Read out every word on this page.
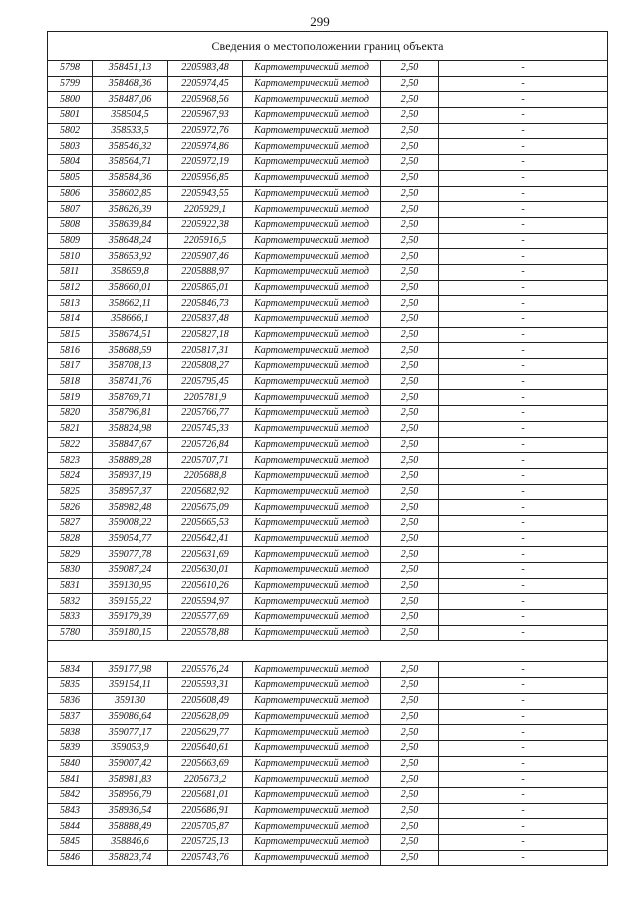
299
Сведения о местоположении границ объекта					
5798	358451,13	2205983,48	Картометрический метод	2,50	-
5799	358468,36	2205974,45	Картометрический метод	2,50	-
5800	358487,06	2205968,56	Картометрический метод	2,50	-
5801	358504,5	2205967,93	Картометрический метод	2,50	-
5802	358533,5	2205972,76	Картометрический метод	2,50	-
5803	358546,32	2205974,86	Картометрический метод	2,50	-
5804	358564,71	2205972,19	Картометрический метод	2,50	-
5805	358584,36	2205956,85	Картометрический метод	2,50	-
5806	358602,85	2205943,55	Картометрический метод	2,50	-
5807	358626,39	2205929,1	Картометрический метод	2,50	-
5808	358639,84	2205922,38	Картометрический метод	2,50	-
5809	358648,24	2205916,5	Картометрический метод	2,50	-
5810	358653,92	2205907,46	Картометрический метод	2,50	-
5811	358659,8	2205888,97	Картометрический метод	2,50	-
5812	358660,01	2205865,01	Картометрический метод	2,50	-
5813	358662,11	2205846,73	Картометрический метод	2,50	-
5814	358666,1	2205837,48	Картометрический метод	2,50	-
5815	358674,51	2205827,18	Картометрический метод	2,50	-
5816	358688,59	2205817,31	Картометрический метод	2,50	-
5817	358708,13	2205808,27	Картометрический метод	2,50	-
5818	358741,76	2205795,45	Картометрический метод	2,50	-
5819	358769,71	2205781,9	Картометрический метод	2,50	-
5820	358796,81	2205766,77	Картометрический метод	2,50	-
5821	358824,98	2205745,33	Картометрический метод	2,50	-
5822	358847,67	2205726,84	Картометрический метод	2,50	-
5823	358889,28	2205707,71	Картометрический метод	2,50	-
5824	358937,19	2205688,8	Картометрический метод	2,50	-
5825	358957,37	2205682,92	Картометрический метод	2,50	-
5826	358982,48	2205675,09	Картометрический метод	2,50	-
5827	359008,22	2205665,53	Картометрический метод	2,50	-
5828	359054,77	2205642,41	Картометрический метод	2,50	-
5829	359077,78	2205631,69	Картометрический метод	2,50	-
5830	359087,24	2205630,01	Картометрический метод	2,50	-
5831	359130,95	2205610,26	Картометрический метод	2,50	-
5832	359155,22	2205594,97	Картометрический метод	2,50	-
5833	359179,39	2205577,69	Картометрический метод	2,50	-
5780	359180,15	2205578,88	Картометрический метод	2,50	-

5834	359177,98	2205576,24	Картометрический метод	2,50	-
5835	359154,11	2205593,31	Картометрический метод	2,50	-
5836	359130	2205608,49	Картометрический метод	2,50	-
5837	359086,64	2205628,09	Картометрический метод	2,50	-
5838	359077,17	2205629,77	Картометрический метод	2,50	-
5839	359053,9	2205640,61	Картометрический метод	2,50	-
5840	359007,42	2205663,69	Картометрический метод	2,50	-
5841	358981,83	2205673,2	Картометрический метод	2,50	-
5842	358956,79	2205681,01	Картометрический метод	2,50	-
5843	358936,54	2205686,91	Картометрический метод	2,50	-
5844	358888,49	2205705,87	Картометрический метод	2,50	-
5845	358846,6	2205725,13	Картометрический метод	2,50	-
5846	358823,74	2205743,76	Картометрический метод	2,50	-
